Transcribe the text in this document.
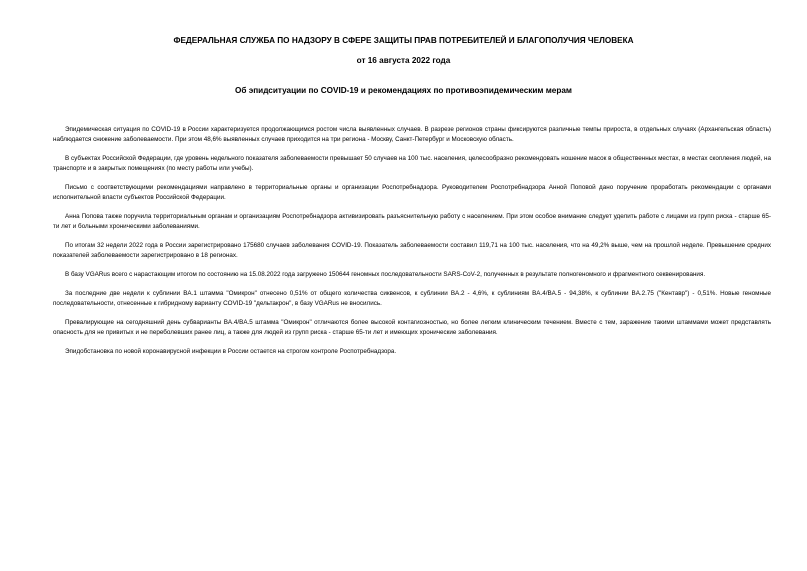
ФЕДЕРАЛЬНАЯ СЛУЖБА ПО НАДЗОРУ В СФЕРЕ ЗАЩИТЫ ПРАВ ПОТРЕБИТЕЛЕЙ И БЛАГОПОЛУЧИЯ ЧЕЛОВЕКА
от 16 августа 2022 года
Об эпидситуации по COVID-19 и рекомендациях по противоэпидемическим мерам

Эпидемическая ситуация по COVID-19 в России характеризуется продолжающимся ростом числа выявленных случаев. В разрезе регионов страны фиксируются различные темпы прироста, в отдельных случаях (Архангельская область) наблюдается снижение заболеваемости. При этом 48,6% выявленных случаев приходится на три региона - Москву, Санкт-Петербург и Московскую область.

В субъектах Российской Федерации, где уровень недельного показателя заболеваемости превышает 50 случаев на 100 тыс. населения, целесообразно рекомендовать ношение масок в общественных местах, в местах скопления людей, на транспорте и в закрытых помещениях (по месту работы или учебы).

Письмо с соответствующими рекомендациями направлено в территориальные органы и организации Роспотребнадзора. Руководителем Роспотребнадзора Анной Поповой дано поручение проработать рекомендации с органами исполнительной власти субъектов Российской Федерации.

Анна Попова также поручила территориальным органам и организациям Роспотребнадзора активизировать разъяснительную работу с населением. При этом особое внимание следует уделить работе с лицами из групп риска - старше 65-ти лет и больными хроническими заболеваниями.

По итогам 32 недели 2022 года в России зарегистрировано 175680 случаев заболевания COVID-19. Показатель заболеваемости составил 119,71 на 100 тыс. населения, что на 49,2% выше, чем на прошлой неделе. Превышение средних показателей заболеваемости зарегистрировано в 18 регионах.

В базу VGARus всего с нарастающим итогом по состоянию на 15.08.2022 года загружено 150644 геномных последовательности SARS-CoV-2, полученных в результате полногеномного и фрагментного секвенирования.

За последние две недели к сублинии BA.1 штамма "Омикрон" отнесено 0,51% от общего количества сиквенсов, к сублинии BA.2 - 4,6%, к сублиниям BA.4/BA.5 - 94,38%, к сублинии BA.2.75 ("Кентавр") - 0,51%. Новые геномные последовательности, отнесенные к гибридному варианту COVID-19 "дельтакрон", в базу VGARus не вносились.

Превалирующие на сегодняшний день субварианты BA.4/BA.5 штамма "Омикрон" отличаются более высокой контагиозностью, но более легким клиническим течением. Вместе с тем, заражение такими штаммами может представлять опасность для не привитых и не переболевших ранее лиц, а также для людей из групп риска - старше 65-ти лет и имеющих хронические заболевания.

Эпидобстановка по новой коронавирусной инфекции в России остается на строгом контроле Роспотребнадзора.
